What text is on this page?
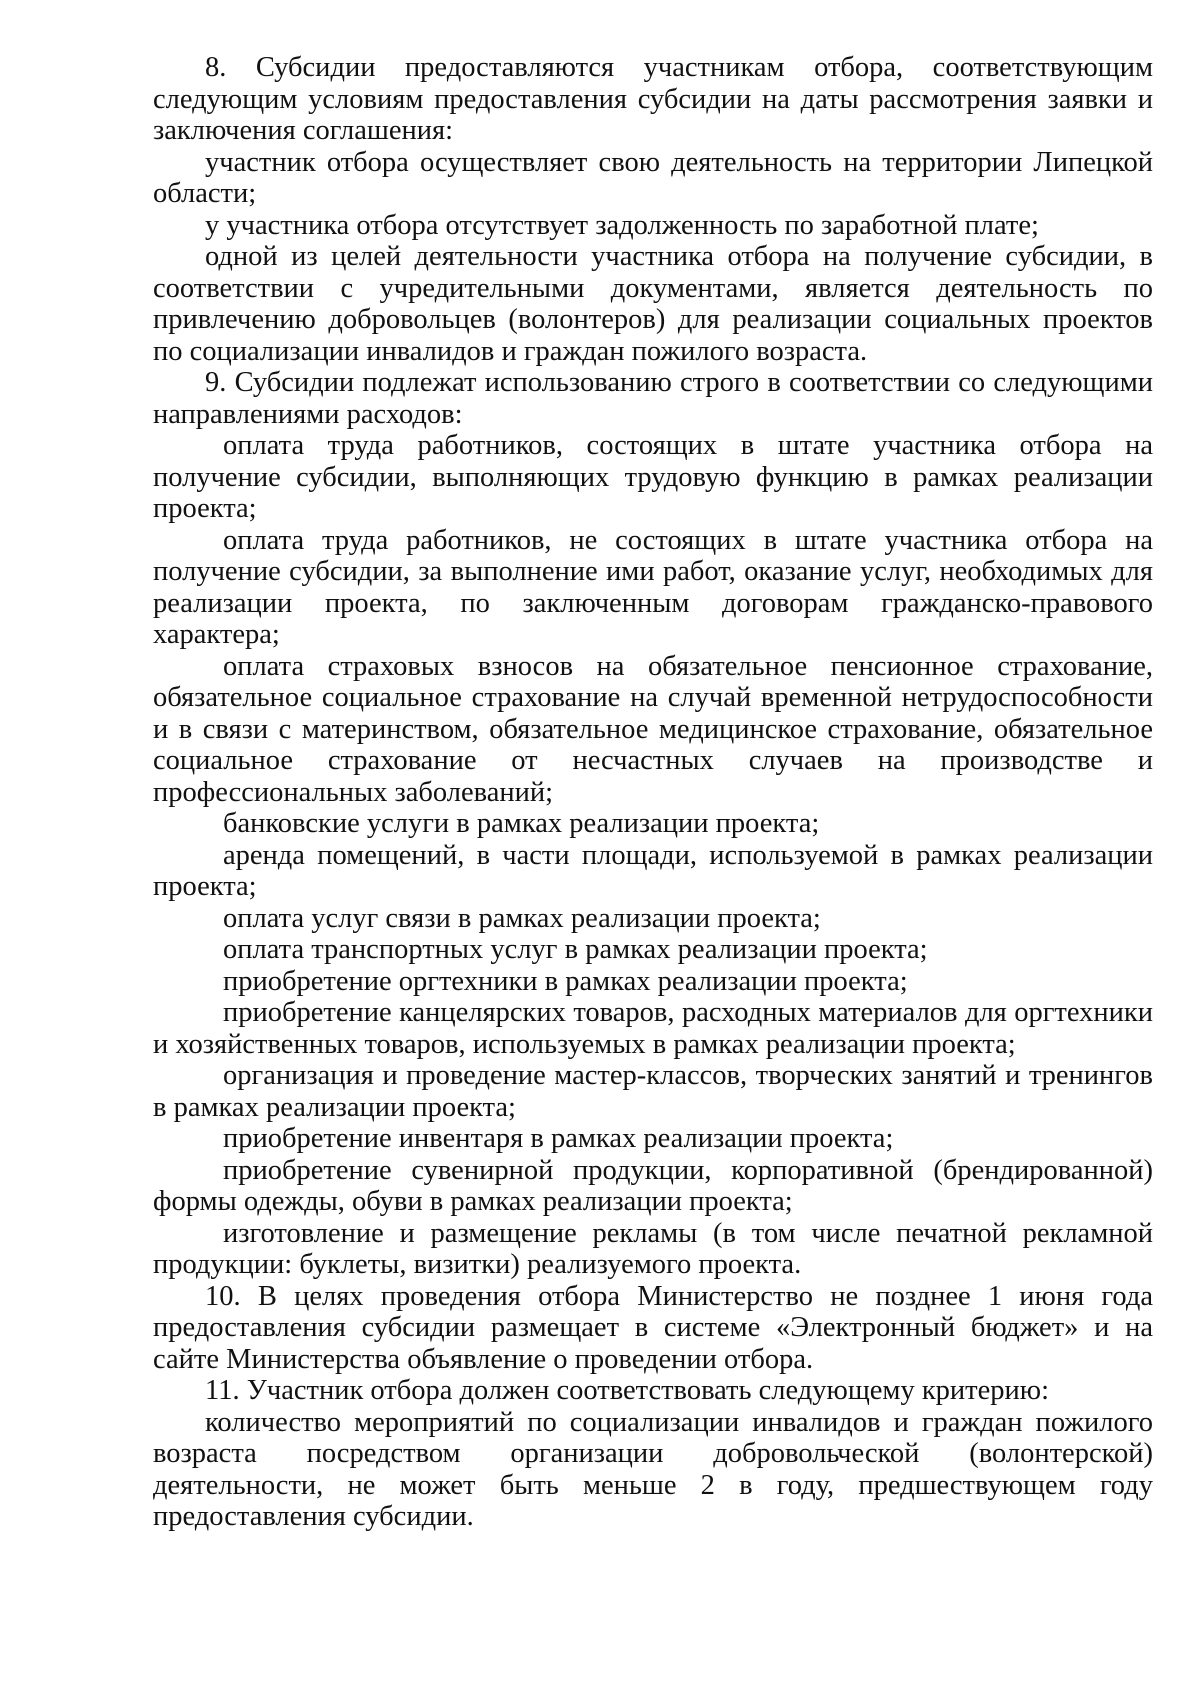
8. Субсидии предоставляются участникам отбора, соответствующим следующим условиям предоставления субсидии на даты рассмотрения заявки и заключения соглашения:

участник отбора осуществляет свою деятельность на территории Липецкой области;

у участника отбора отсутствует задолженность по заработной плате;

одной из целей деятельности участника отбора на получение субсидии, в соответствии с учредительными документами, является деятельность по привлечению добровольцев (волонтеров) для реализации социальных проектов по социализации инвалидов и граждан пожилого возраста.

9. Субсидии подлежат использованию строго в соответствии со следующими направлениями расходов:

оплата труда работников, состоящих в штате участника отбора на получение субсидии, выполняющих трудовую функцию в рамках реализации проекта;

оплата труда работников, не состоящих в штате участника отбора на получение субсидии, за выполнение ими работ, оказание услуг, необходимых для реализации проекта, по заключенным договорам гражданско-правового характера;

оплата страховых взносов на обязательное пенсионное страхование, обязательное социальное страхование на случай временной нетрудоспособности и в связи с материнством, обязательное медицинское страхование, обязательное социальное страхование от несчастных случаев на производстве и профессиональных заболеваний;

банковские услуги в рамках реализации проекта;

аренда помещений, в части площади, используемой в рамках реализации проекта;

оплата услуг связи в рамках реализации проекта;

оплата транспортных услуг в рамках реализации проекта;

приобретение оргтехники в рамках реализации проекта;

приобретение канцелярских товаров, расходных материалов для оргтехники и хозяйственных товаров, используемых в рамках реализации проекта;

организация и проведение мастер-классов, творческих занятий и тренингов в рамках реализации проекта;

приобретение инвентаря в рамках реализации проекта;

приобретение сувенирной продукции, корпоративной (брендированной) формы одежды, обуви в рамках реализации проекта;

изготовление и размещение рекламы (в том числе печатной рекламной продукции: буклеты, визитки) реализуемого проекта.

10. В целях проведения отбора Министерство не позднее 1 июня года предоставления субсидии размещает в системе «Электронный бюджет» и на сайте Министерства объявление о проведении отбора.

11. Участник отбора должен соответствовать следующему критерию:

количество мероприятий по социализации инвалидов и граждан пожилого возраста посредством организации добровольческой (волонтерской) деятельности, не может быть меньше 2 в году, предшествующем году предоставления субсидии.
